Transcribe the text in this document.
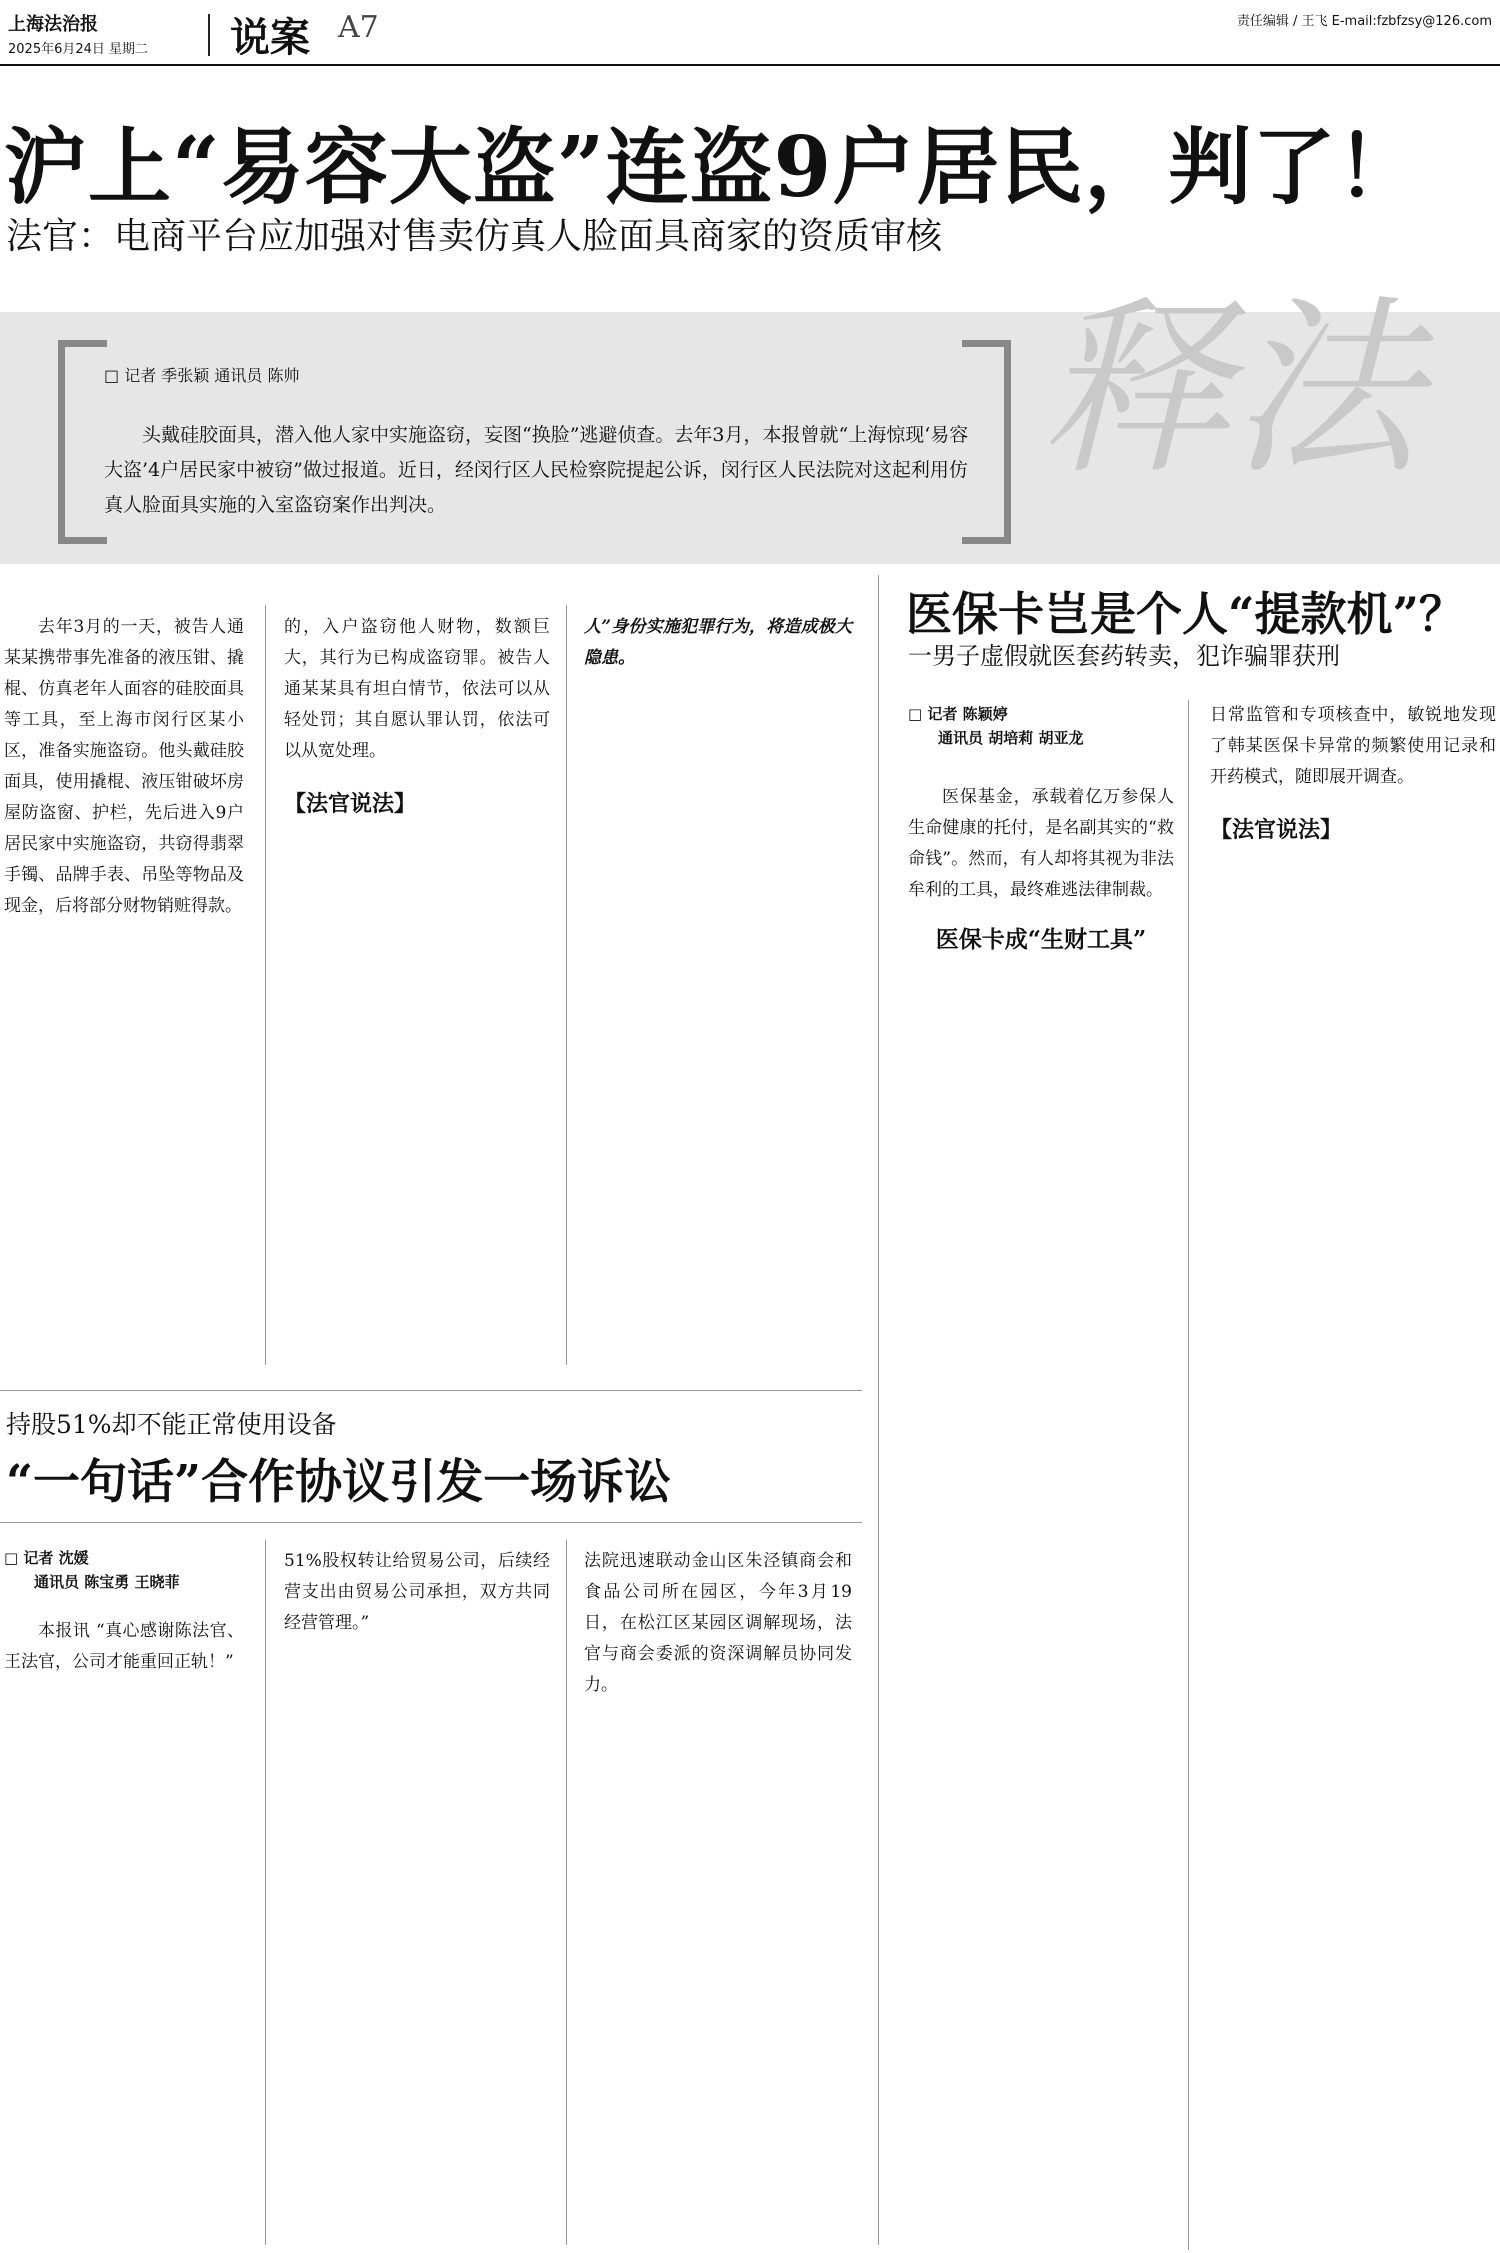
上海法治报
2025年6月24日 星期二 说案 A7	责任编辑 / 王飞 E-mail:fzbfzsy@126.com
沪上“易容大盗”连盗9户居民，判了！
法官：电商平台应加强对售卖仿真人脸面具商家的资质审核
释法
□ 记者 季张颖 通讯员 陈帅
头戴硅胶面具，潜入他人家中实施盗窃，妄图“换脸”逃避侦查。去年3月，本报曾就“上海惊现‘易容大盗’4户居民家中被窃”做过报道。近日，经闵行区人民检察院提起公诉，闵行区人民法院对这起利用仿真人脸面具实施的入室盗窃案作出判决。

去年3月的一天，被告人通某某携带事先准备的液压钳、撬棍、仿真老年人面容的硅胶面具等工具，至上海市闵行区某小区，准备实施盗窃。他头戴硅胶面具，使用撬棍、液压钳破坏房屋防盗窗、护栏，先后进入9户居民家中实施盗窃，共窃得翡翠手镯、品牌手表、吊坠等物品及现金，后将部分财物销赃得款。

的，入户盗窃他人财物，数额巨大，其行为已构成盗窃罪。被告人通某某具有坦白情节，依法可以从轻处罚；其自愿认罪认罚，依法可以从宽处理。

【法官说法】

人”身份实施犯罪行为，将造成极大隐患。

医保卡岂是个人“提款机”？
一男子虚假就医套药转卖，犯诈骗罪获刑
□ 记者 陈颖婷
通讯员 胡培莉 胡亚龙

医保基金，承载着亿万参保人生命健康的托付，是名副其实的“救命钱”。然而，有人却将其视为非法牟利的工具，最终难逃法律制裁。

医保卡成“生财工具”

日常监管和专项核查中，敏锐地发现了韩某医保卡异常的频繁使用记录和开药模式，随即展开调查。

【法官说法】
持股51%却不能正常使用设备
“一句话”合作协议引发一场诉讼
□ 记者 沈媛
通讯员 陈宝勇 王晓菲

本报讯 “真心感谢陈法官、王法官，公司才能重回正轨！”

51%股权转让给贸易公司，后续经营支出由贸易公司承担，双方共同经营管理。”

法院迅速联动金山区朱泾镇商会和食品公司所在园区，今年3月19日，在松江区某园区调解现场，法官与商会委派的资深调解员协同发力。
